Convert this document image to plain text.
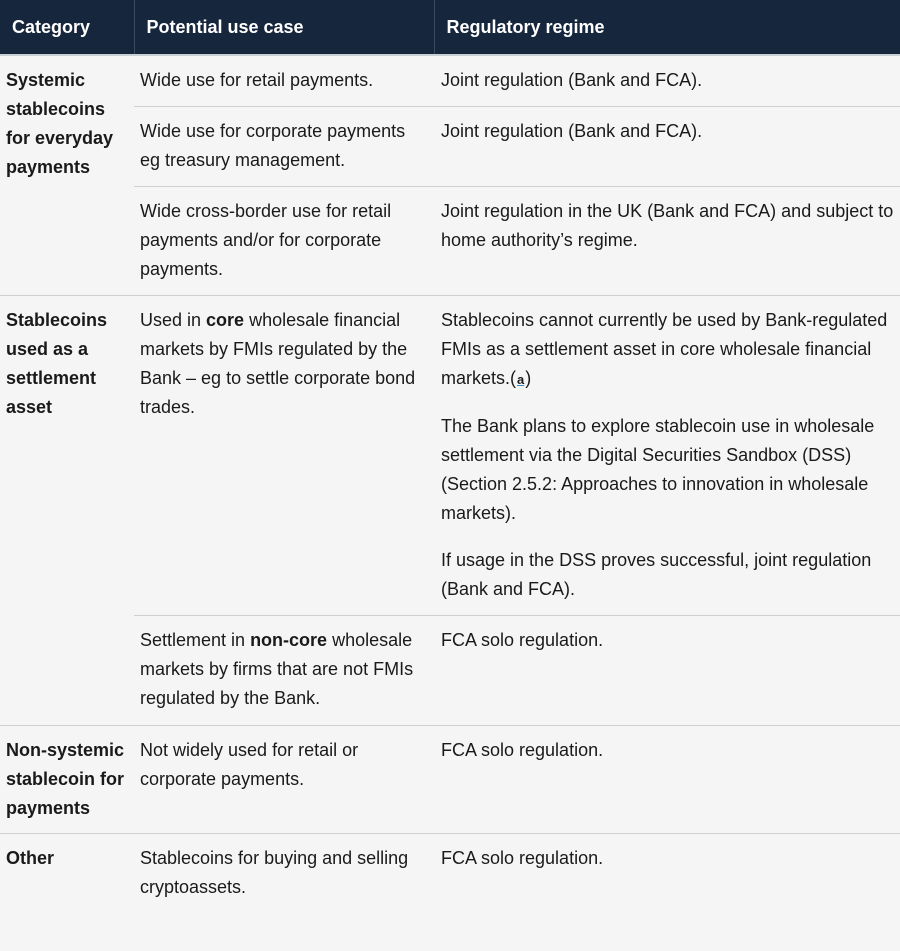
Category	Potential use case	Regulatory regime
Systemic stablecoins for everyday payments	Wide use for retail payments.	Joint regulation (Bank and FCA).
	Wide use for corporate payments eg treasury management.	Joint regulation (Bank and FCA).
	Wide cross-border use for retail payments and/or for corporate payments.	Joint regulation in the UK (Bank and FCA) and subject to home authority’s regime.
Stablecoins used as a settlement asset	Used in core wholesale financial markets by FMIs regulated by the Bank – eg to settle corporate bond trades.	Stablecoins cannot currently be used by Bank-regulated FMIs as a settlement asset in core wholesale financial markets.(a)
The Bank plans to explore stablecoin use in wholesale settlement via the Digital Securities Sandbox (DSS) (Section 2.5.2: Approaches to innovation in wholesale markets).
If usage in the DSS proves successful, joint regulation (Bank and FCA).

	Settlement in non-core wholesale markets by firms that are not FMIs regulated by the Bank.	FCA solo regulation.
Non-systemic stablecoin for payments	Not widely used for retail or corporate payments.	FCA solo regulation.
Other	Stablecoins for buying and selling cryptoassets.	FCA solo regulation.
